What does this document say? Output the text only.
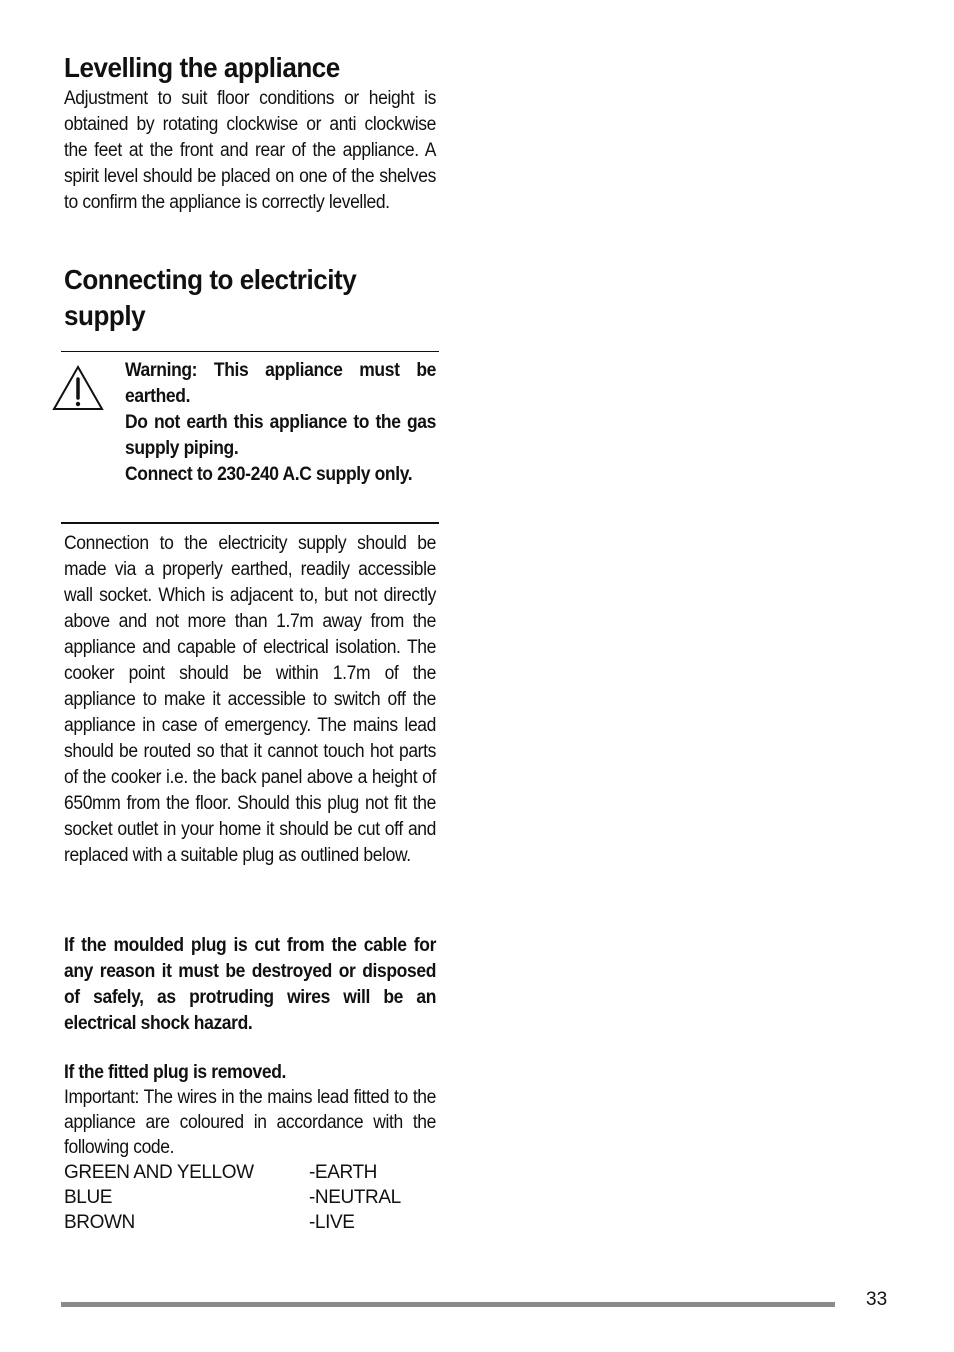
Levelling the appliance
Adjustment to suit floor conditions or height is obtained by rotating clockwise or anti clockwise the feet at the front and rear of the appliance. A spirit level should be placed on one of the shelves to confirm the appliance is correctly levelled.
Connecting to electricity supply
Warning: This appliance must be earthed.
Do not earth this appliance to the gas supply piping.
Connect to 230-240 A.C supply only.
Connection to the electricity supply should be made via a properly earthed, readily accessible wall socket. Which is adjacent to, but not directly above and not more than 1.7m away from the appliance and capable of electrical isolation. The cooker point should be within 1.7m of the appliance to make it accessible to switch off the appliance in case of emergency. The mains lead should be routed so that it cannot touch hot parts of the cooker i.e. the back panel above a height of 650mm from the floor. Should this plug not fit the socket outlet in your home it should be cut off and replaced with a suitable plug as outlined below.
If the moulded plug is cut from the cable for any reason it must be destroyed or disposed of safely, as protruding wires will be an electrical shock hazard.
If the fitted plug is removed.
Important: The wires in the mains lead fitted to the appliance are coloured in accordance with the following code.
GREEN AND YELLOW	-EARTH
BLUE	-NEUTRAL
BROWN	-LIVE
33
